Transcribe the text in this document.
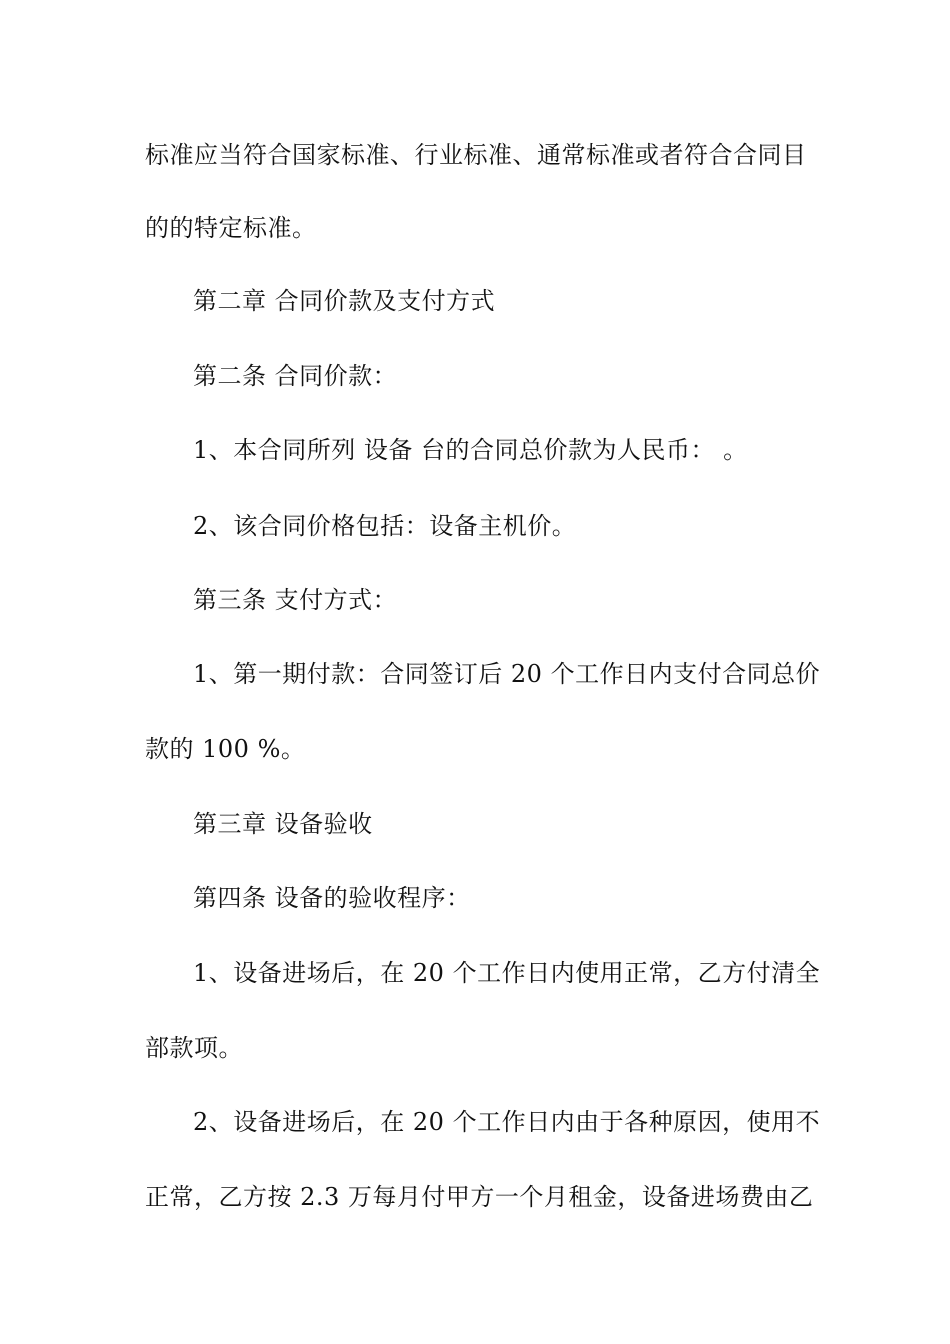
标准应当符合国家标准、行业标准、通常标准或者符合合同目
的的特定标准。
第二章 合同价款及支付方式
第二条 合同价款：
1、本合同所列 设备 台的合同总价款为人民币： 。
2、该合同价格包括：设备主机价。
第三条 支付方式：
1、第一期付款：合同签订后 20 个工作日内支付合同总价
款的 100 %。
第三章 设备验收
第四条 设备的验收程序：
1、设备进场后，在 20 个工作日内使用正常，乙方付清全
部款项。
2、设备进场后，在 20 个工作日内由于各种原因，使用不
正常，乙方按 2.3 万每月付甲方一个月租金，设备进场费由乙
